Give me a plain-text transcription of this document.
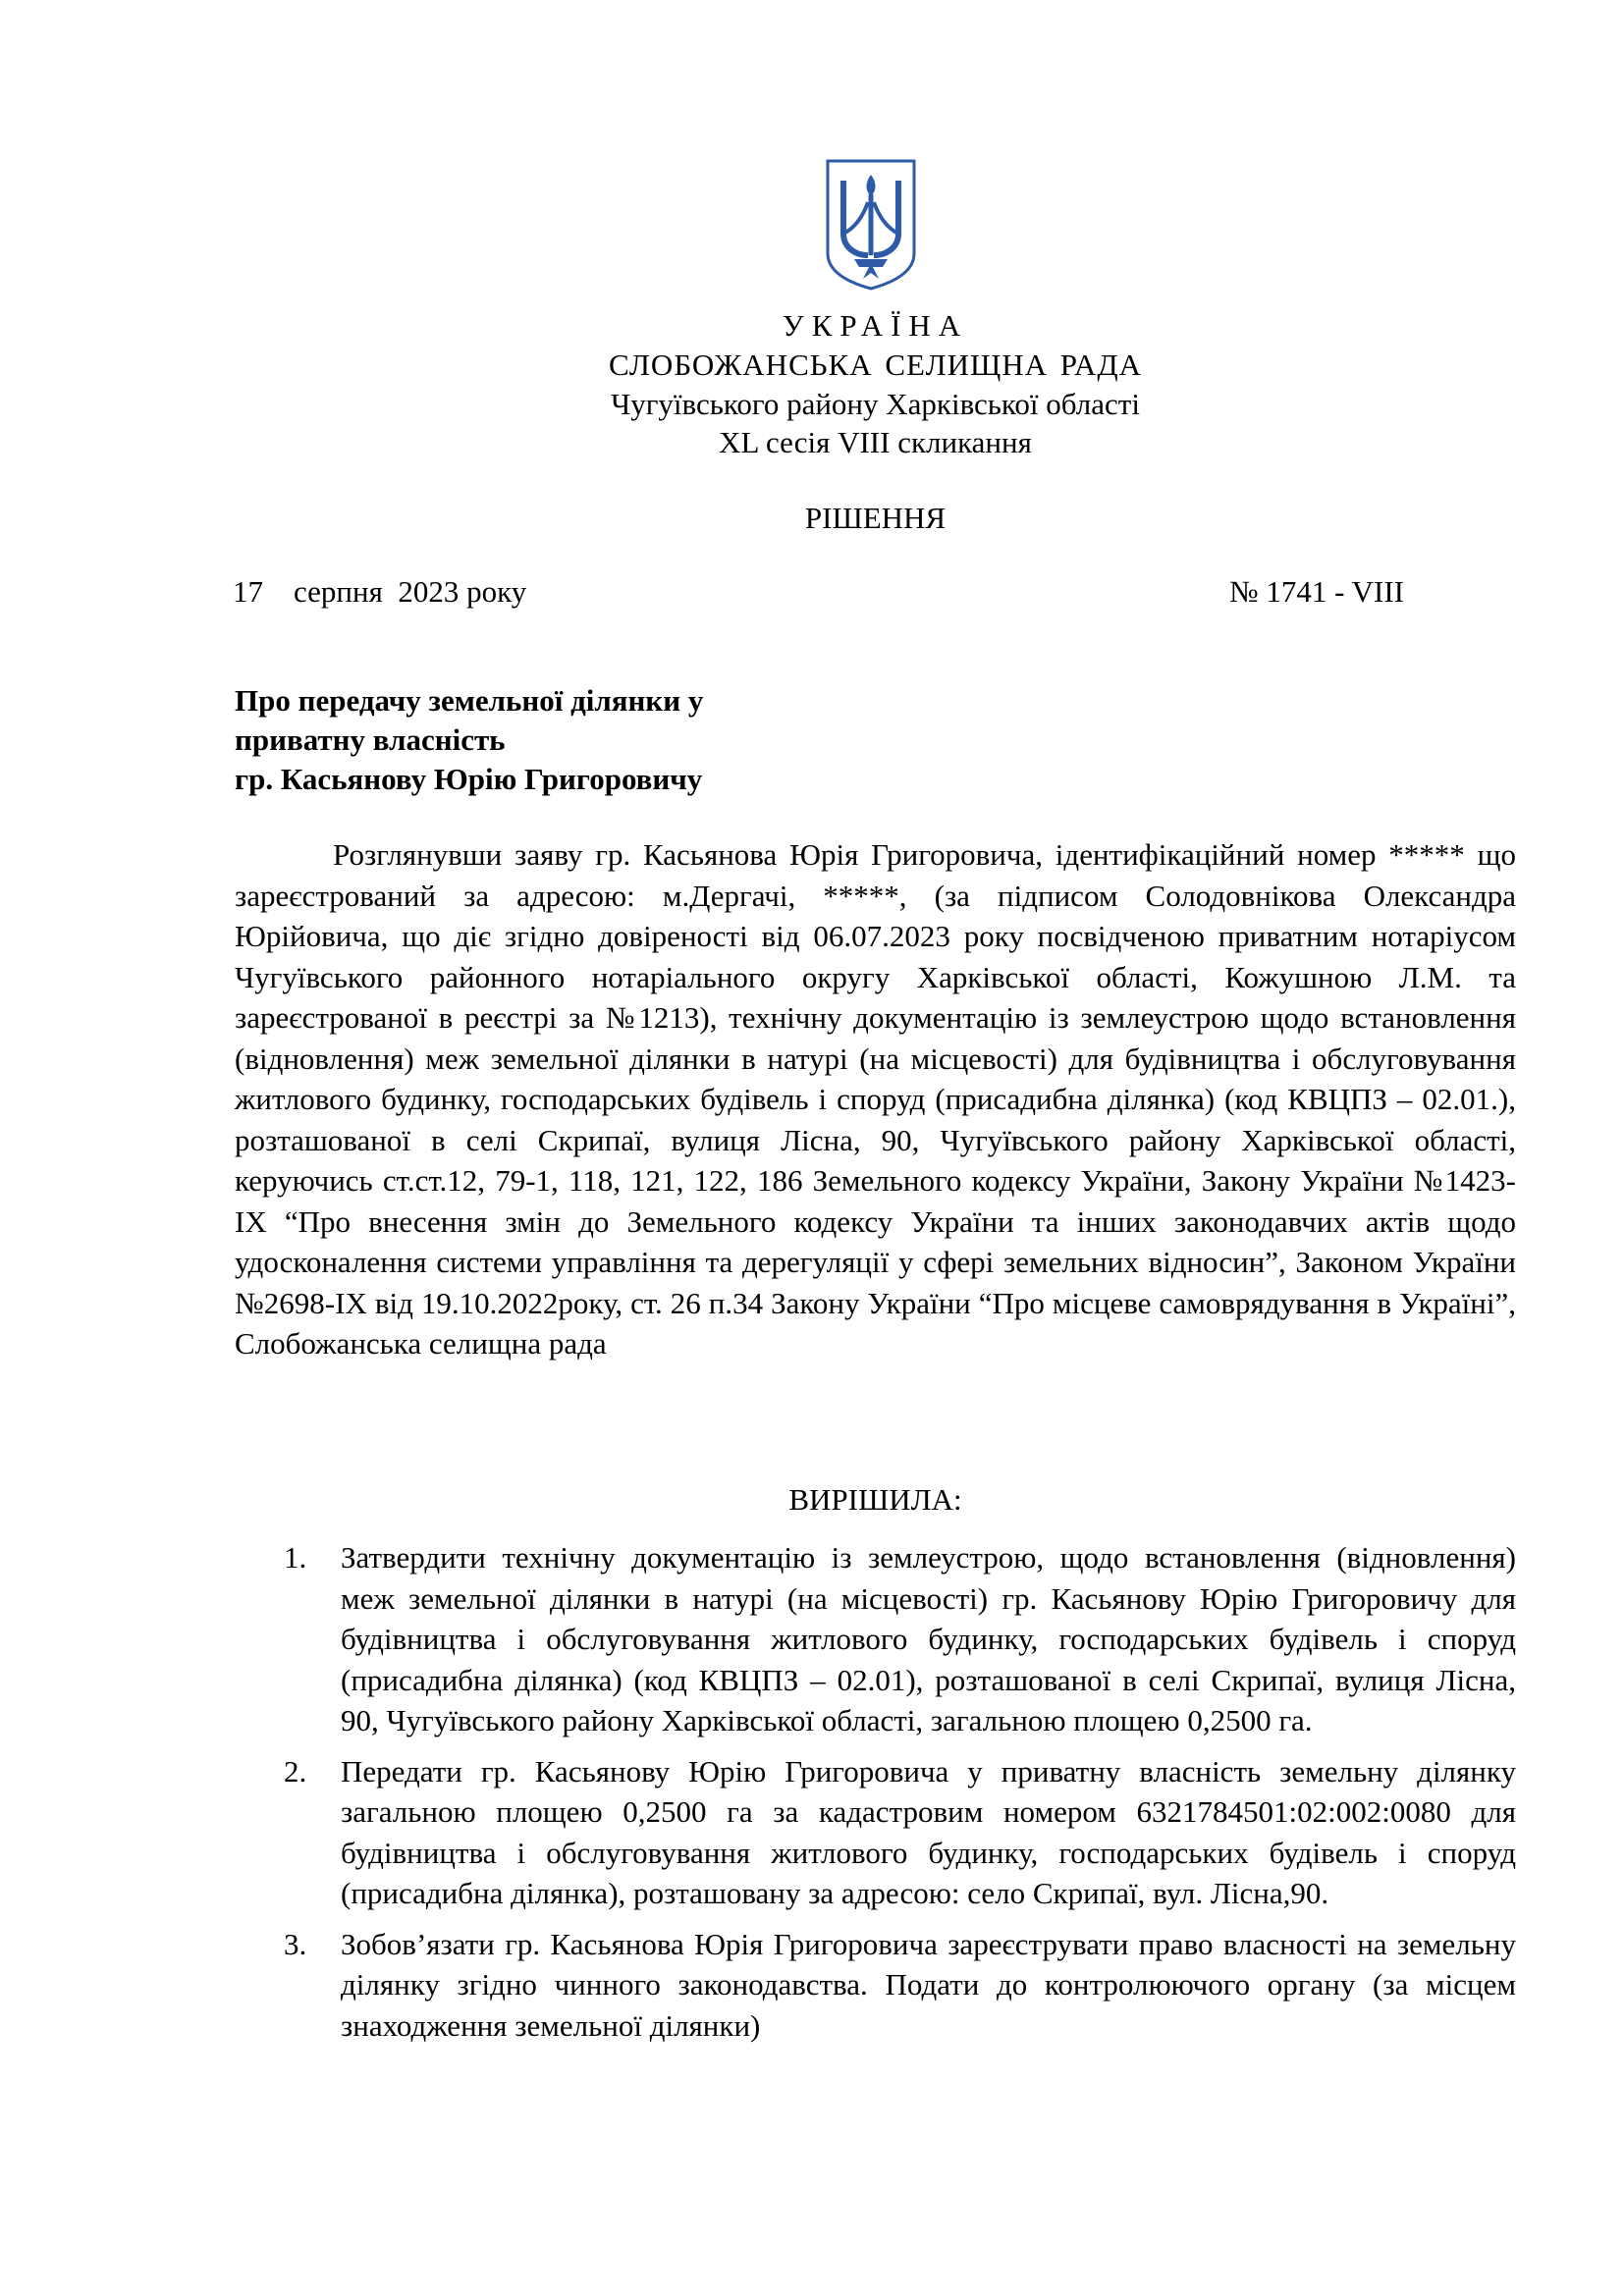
УКРАЇНА
СЛОБОЖАНСЬКА СЕЛИЩНА РАДА
Чугуївського району Харківської області
XL сесія VIII скликання
РІШЕННЯ
17    серпня  2023 року	№ 1741 - VIII
Про передачу земельної ділянки у
приватну власність
гр. Касьянову Юрію Григоровичу

Розглянувши заяву гр. Касьянова Юрія Григоровича, ідентифікаційний номер ***** що зареєстрований за адресою: м.Дергачі, *****, (за підписом Солодовнікова Олександра Юрійовича, що діє згідно довіреності від 06.07.2023 року посвідченою приватним нотаріусом Чугуївського районного нотаріального округу Харківської області, Кожушною Л.М. та зареєстрованої в реєстрі за №1213), технічну документацію із землеустрою щодо встановлення (відновлення) меж земельної ділянки в натурі (на місцевості) для будівництва і обслуговування житлового будинку, господарських будівель і споруд (присадибна ділянка) (код КВЦПЗ – 02.01.), розташованої в селі Скрипаї, вулиця Лісна, 90, Чугуївського району Харківської області, керуючись ст.ст.12, 79-1, 118, 121, 122, 186 Земельного кодексу України, Закону України №1423-ІХ “Про внесення змін до Земельного кодексу України та інших законодавчих актів щодо удосконалення системи управління та дерегуляції у сфері земельних відносин”, Законом України №2698-ІХ від 19.10.2022року, ст. 26 п.34 Закону України “Про місцеве самоврядування в Україні”, Слобожанська селищна рада

ВИРІШИЛА:
1. Затвердити технічну документацію із землеустрою, щодо встановлення (відновлення) меж земельної ділянки в натурі (на місцевості) гр. Касьянову Юрію Григоровичу для будівництва і обслуговування житлового будинку, господарських будівель і споруд (присадибна ділянка) (код КВЦПЗ – 02.01), розташованої в селі Скрипаї, вулиця Лісна, 90, Чугуївського району Харківської області, загальною площею 0,2500 га.
2. Передати гр. Касьянову Юрію Григоровича у приватну власність земельну ділянку загальною площею 0,2500 га за кадастровим номером 6321784501:02:002:0080 для будівництва і обслуговування житлового будинку, господарських будівель і споруд (присадибна ділянка), розташовану за адресою: село Скрипаї, вул. Лісна,90.
3. Зобов’язати гр. Касьянова Юрія Григоровича зареєструвати право власності на земельну ділянку згідно чинного законодавства. Подати до контролюючого органу (за місцем знаходження земельної ділянки)
